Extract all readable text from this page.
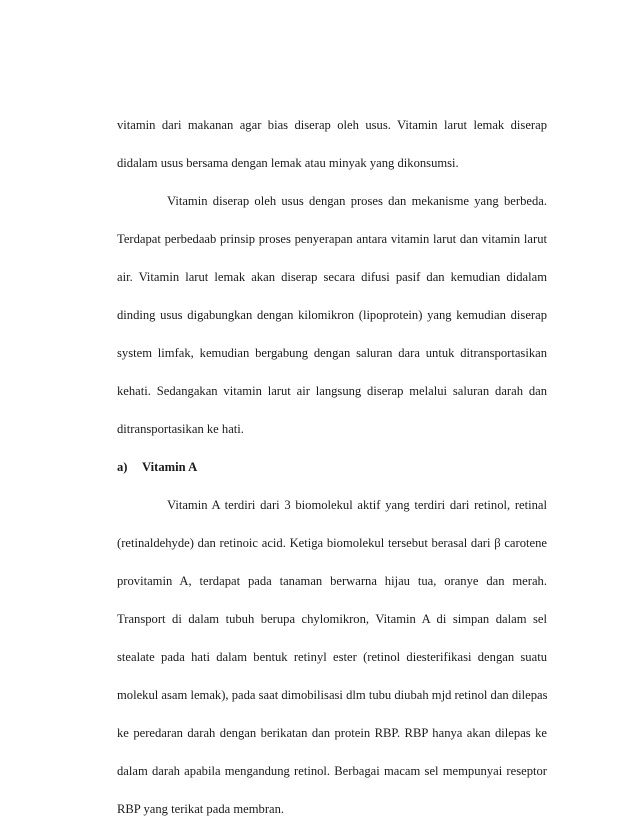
vitamin dari makanan agar bias diserap oleh usus. Vitamin larut lemak diserap
didalam usus bersama dengan lemak atau minyak yang dikonsumsi.

Vitamin diserap oleh usus dengan proses dan mekanisme yang berbeda.
Terdapat perbedaab prinsip proses penyerapan antara vitamin larut dan vitamin larut
air. Vitamin larut lemak akan diserap secara difusi pasif dan kemudian didalam
dinding usus digabungkan dengan kilomikron (lipoprotein) yang kemudian diserap
system limfak, kemudian bergabung dengan saluran dara untuk ditransportasikan
kehati. Sedangakan vitamin larut air langsung diserap melalui saluran darah dan
ditransportasikan ke hati.

a) Vitamin A

Vitamin A terdiri dari 3 biomolekul aktif yang terdiri dari retinol, retinal
(retinaldehyde) dan retinoic acid. Ketiga biomolekul tersebut berasal dari β carotene
provitamin A, terdapat pada tanaman berwarna hijau tua, oranye dan merah.
Transport di dalam tubuh berupa chylomikron, Vitamin A di simpan dalam sel
stealate pada hati dalam bentuk retinyl ester (retinol diesterifikasi dengan suatu
molekul asam lemak), pada saat dimobilisasi dlm tubu diubah mjd retinol dan dilepas
ke peredaran darah dengan berikatan dan protein RBP. RBP hanya akan dilepas ke
dalam darah apabila mengandung retinol. Berbagai macam sel mempunyai reseptor
RBP yang terikat pada membran.
